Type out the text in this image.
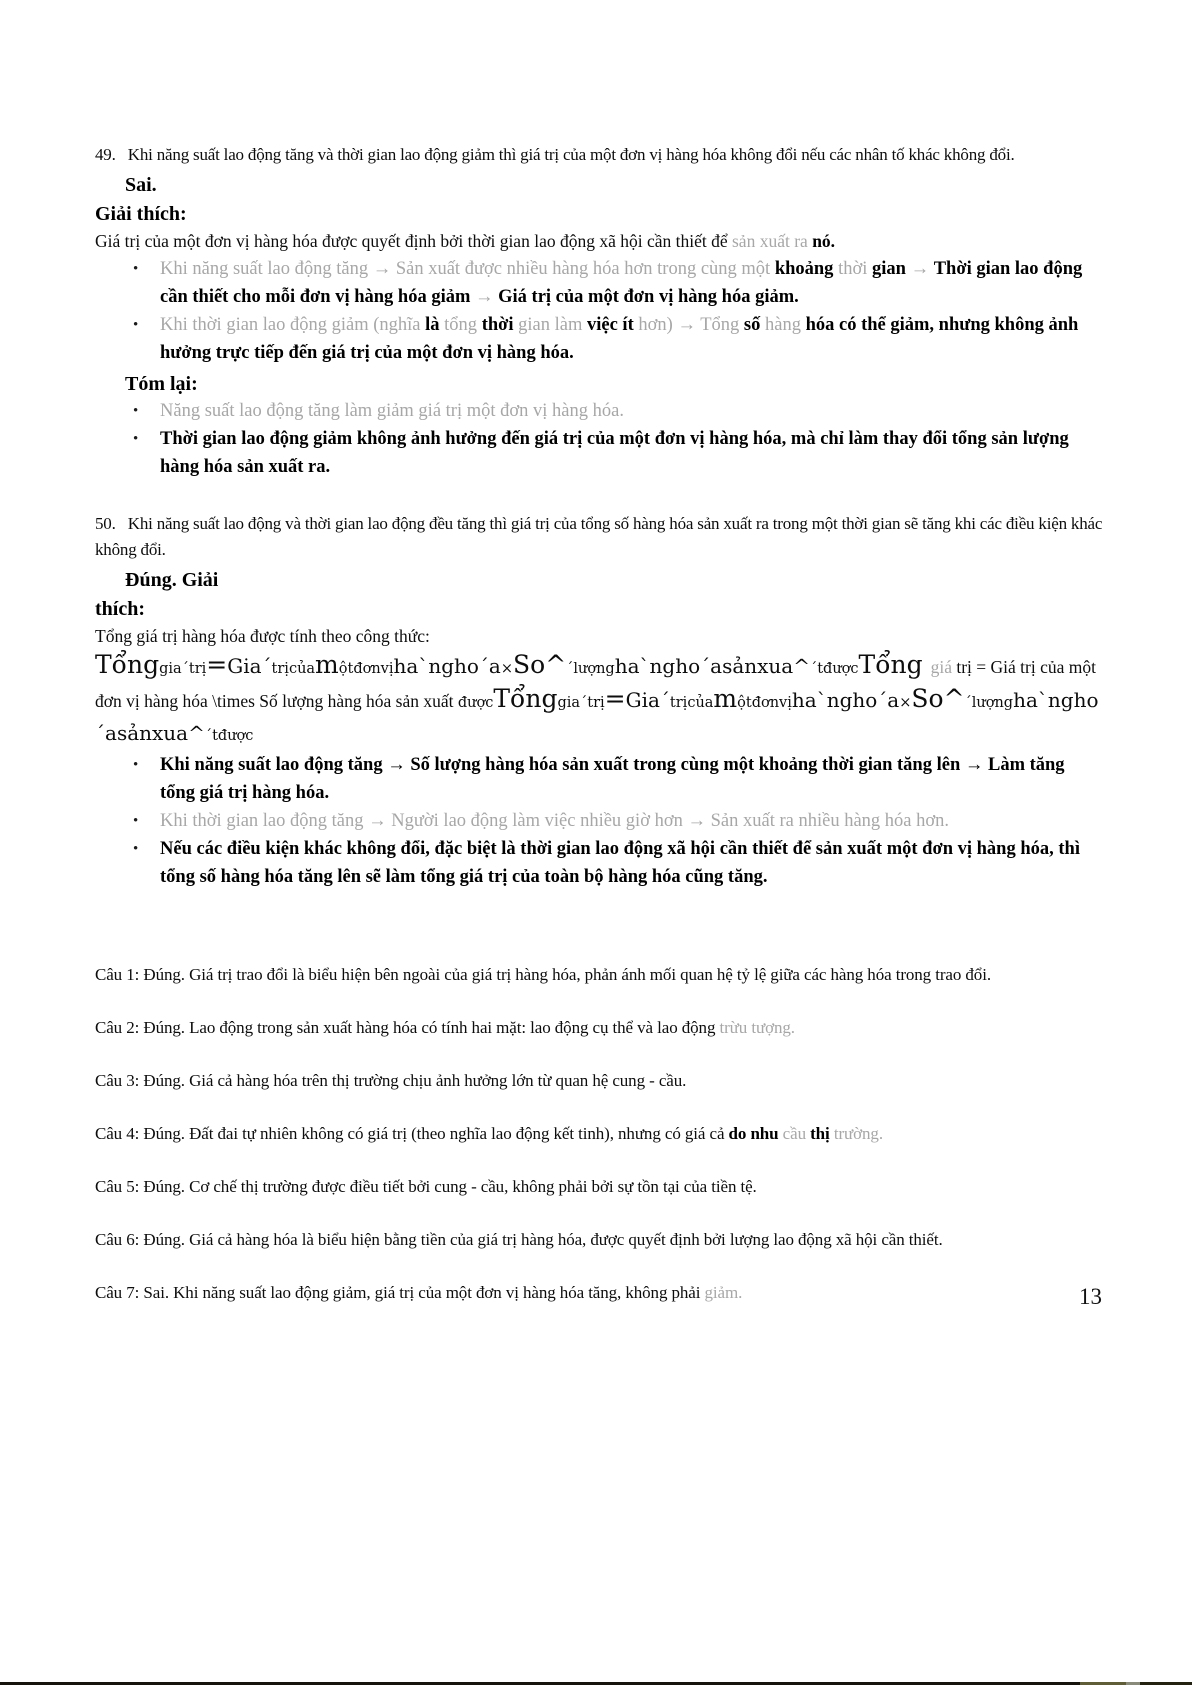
49.   Khi năng suất lao động tăng và thời gian lao động giảm thì giá trị của một đơn vị hàng hóa không đổi nếu các nhân tố khác không đổi.
Sai.
Giải thích:
Giá trị của một đơn vị hàng hóa được quyết định bởi thời gian lao động xã hội cần thiết để sản xuất ra nó.
•	Khi năng suất lao động tăng → Sản xuất được nhiều hàng hóa hơn trong cùng một khoảng thời gian → Thời gian lao động cần thiết cho mỗi đơn vị hàng hóa giảm → Giá trị của một đơn vị hàng hóa giảm.
•	Khi thời gian lao động giảm (nghĩa là tổng thời gian làm việc ít hơn) → Tổng số hàng hóa có thể giảm, nhưng không ảnh hưởng trực tiếp đến giá trị của một đơn vị hàng hóa.
Tóm lại:
•	Năng suất lao động tăng làm giảm giá trị một đơn vị hàng hóa.
•	Thời gian lao động giảm không ảnh hưởng đến giá trị của một đơn vị hàng hóa, mà chỉ làm thay đổi tổng sản lượng hàng hóa sản xuất ra.
50.   Khi năng suất lao động và thời gian lao động đều tăng thì giá trị của tổng số hàng hóa sản xuất ra trong một thời gian sẽ tăng khi các điều kiện khác không đổi.
Đúng. Giải
thích:
Tổng giá trị hàng hóa được tính theo công thức:
Tổnggia´trị=Gia´trịcủamộtđơnvịha`ngho´a×So^´lượngha`ngho´asảnxua^´tđượcTổng giá trị = Giá trị của một đơn vị hàng hóa \times Số lượng hàng hóa sản xuất đượcTổnggia´trị=Gia´trịcủamộtđơnvịha`ngho´a×So^´lượngha`ngho´asảnxua^´tđược
•	Khi năng suất lao động tăng → Số lượng hàng hóa sản xuất trong cùng một khoảng thời gian tăng lên → Làm tăng tổng giá trị hàng hóa.
•	Khi thời gian lao động tăng → Người lao động làm việc nhiều giờ hơn → Sản xuất ra nhiều hàng hóa hơn.
•	Nếu các điều kiện khác không đổi, đặc biệt là thời gian lao động xã hội cần thiết để sản xuất một đơn vị hàng hóa, thì tổng số hàng hóa tăng lên sẽ làm tổng giá trị của toàn bộ hàng hóa cũng tăng.
Câu 1: Đúng. Giá trị trao đổi là biểu hiện bên ngoài của giá trị hàng hóa, phản ánh mối quan hệ tỷ lệ giữa các hàng hóa trong trao đổi.
Câu 2: Đúng. Lao động trong sản xuất hàng hóa có tính hai mặt: lao động cụ thể và lao động trừu tượng.
Câu 3: Đúng. Giá cả hàng hóa trên thị trường chịu ảnh hưởng lớn từ quan hệ cung - cầu.
Câu 4: Đúng. Đất đai tự nhiên không có giá trị (theo nghĩa lao động kết tinh), nhưng có giá cả do nhu cầu thị trường.
Câu 5: Đúng. Cơ chế thị trường được điều tiết bởi cung - cầu, không phải bởi sự tồn tại của tiền tệ.
Câu 6: Đúng. Giá cả hàng hóa là biểu hiện bằng tiền của giá trị hàng hóa, được quyết định bởi lượng lao động xã hội cần thiết.
Câu 7: Sai. Khi năng suất lao động giảm, giá trị của một đơn vị hàng hóa tăng, không phải giảm.	13
